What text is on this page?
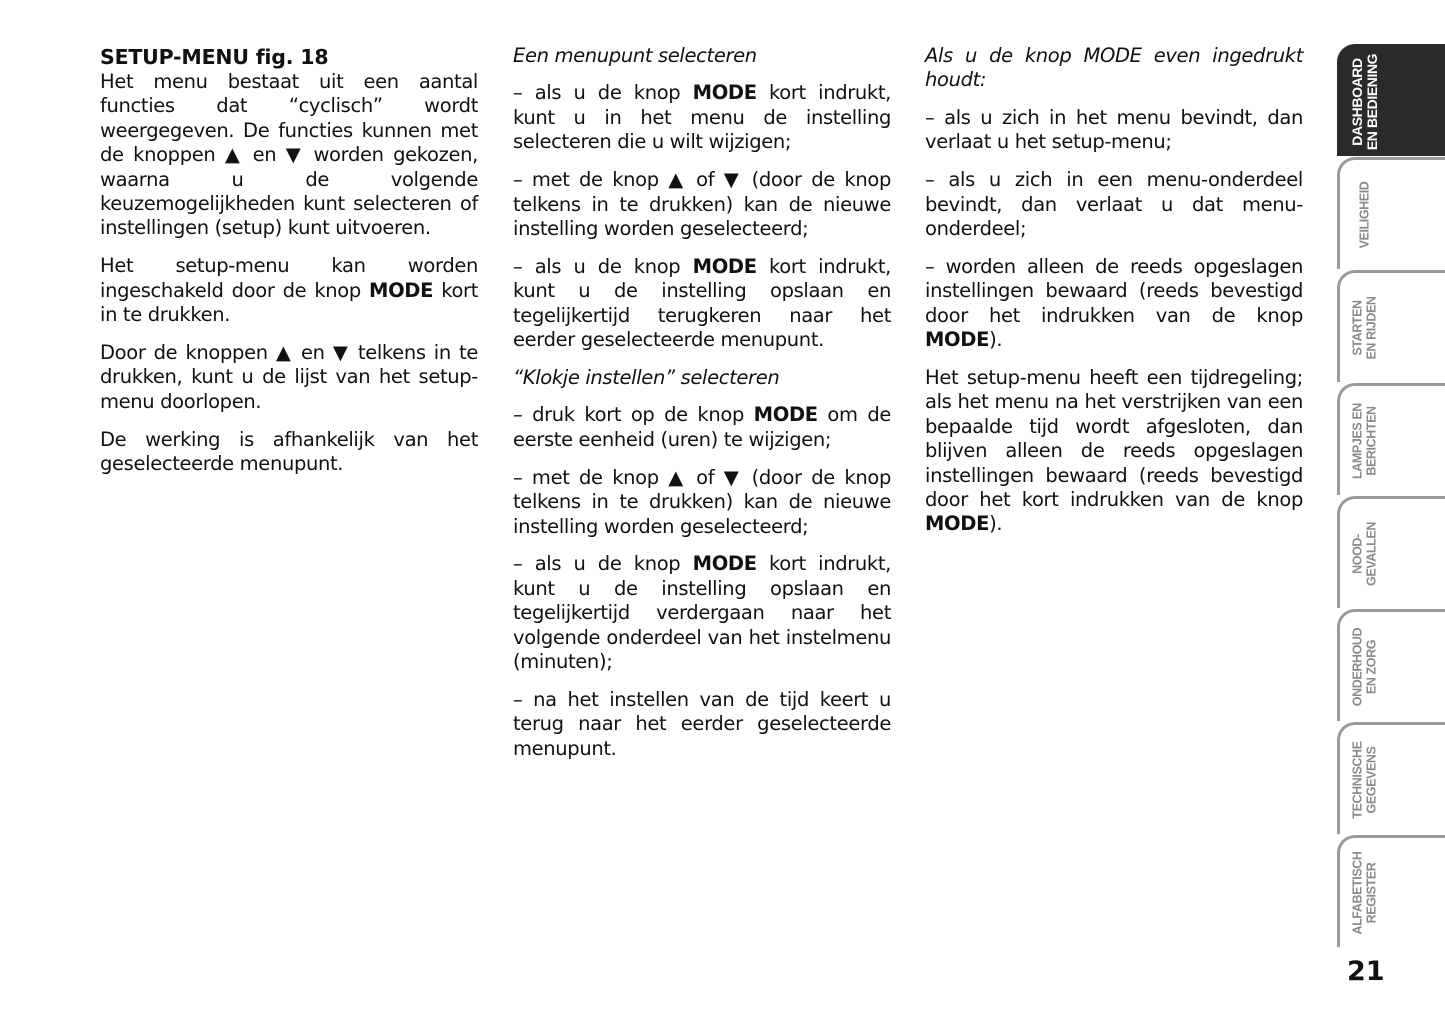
SETUP-MENU fig. 18

Het menu bestaat uit een aantal functies dat “cyclisch” wordt weergegeven. De functies kunnen met de knoppen ▲ en ▼ worden gekozen, waarna u de volgende keuzemogelijkheden kunt selecteren of instellingen (setup) kunt uitvoeren.

Het setup-menu kan worden ingeschakeld door de knop MODE kort in te drukken.

Door de knoppen ▲ en ▼ telkens in te drukken, kunt u de lijst van het setup-menu doorlopen.

De werking is afhankelijk van het geselecteerde menupunt.

Een menupunt selecteren

– als u de knop MODE kort indrukt, kunt u in het menu de instelling selecteren die u wilt wijzigen;

– met de knop ▲ of ▼ (door de knop telkens in te drukken) kan de nieuwe instelling worden geselecteerd;

– als u de knop MODE kort indrukt, kunt u de instelling opslaan en tegelijkertijd terugkeren naar het eerder geselecteerde menupunt.

“Klokje instellen” selecteren

– druk kort op de knop MODE om de eerste eenheid (uren) te wijzigen;

– met de knop ▲ of ▼ (door de knop telkens in te drukken) kan de nieuwe instelling worden geselecteerd;

– als u de knop MODE kort indrukt, kunt u de instelling opslaan en tegelijkertijd verdergaan naar het volgende onderdeel van het instelmenu (minuten);

– na het instellen van de tijd keert u terug naar het eerder geselecteerde menupunt.

Als u de knop MODE even ingedrukt houdt:

– als u zich in het menu bevindt, dan verlaat u het setup-menu;

– als u zich in een menu-onderdeel bevindt, dan verlaat u dat menu-onderdeel;

– worden alleen de reeds opgeslagen instellingen bewaard (reeds bevestigd door het indrukken van de knop MODE).

Het setup-menu heeft een tijdregeling; als het menu na het verstrijken van een bepaalde tijd wordt afgesloten, dan blijven alleen de reeds opgeslagen instellingen bewaard (reeds bevestigd door het kort indrukken van de knop MODE).

DASHBOARD EN BEDIENING
VEILIGHEID
STARTEN EN RIJDEN
LAMPJES EN BERICHTEN
NOOD- GEVALLEN
ONDERHOUD EN ZORG
TECHNISCHE GEGEVENS
ALFABETISCH REGISTER
21
